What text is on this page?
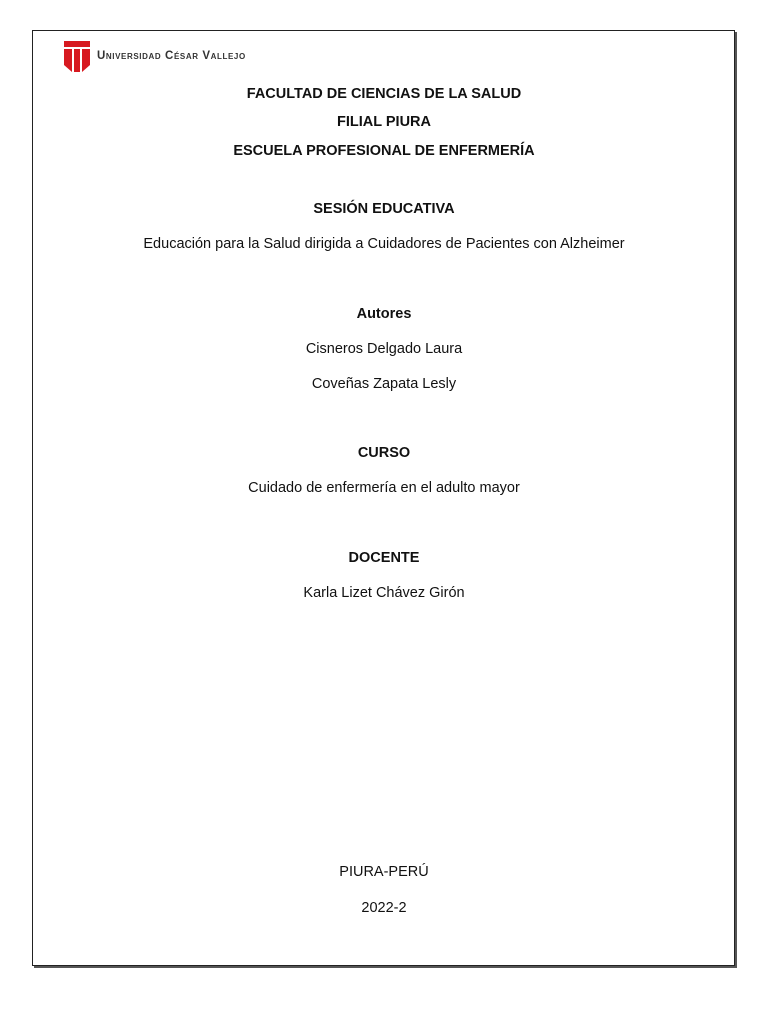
Universidad César Vallejo
FACULTAD DE CIENCIAS DE LA SALUD
FILIAL PIURA
ESCUELA PROFESIONAL DE ENFERMERÍA
SESIÓN EDUCATIVA
Educación para la Salud dirigida a Cuidadores de Pacientes con Alzheimer
Autores
Cisneros Delgado Laura
Coveñas Zapata Lesly
CURSO
Cuidado de enfermería en el adulto mayor
DOCENTE
Karla Lizet Chávez Girón
PIURA-PERÚ
2022-2
